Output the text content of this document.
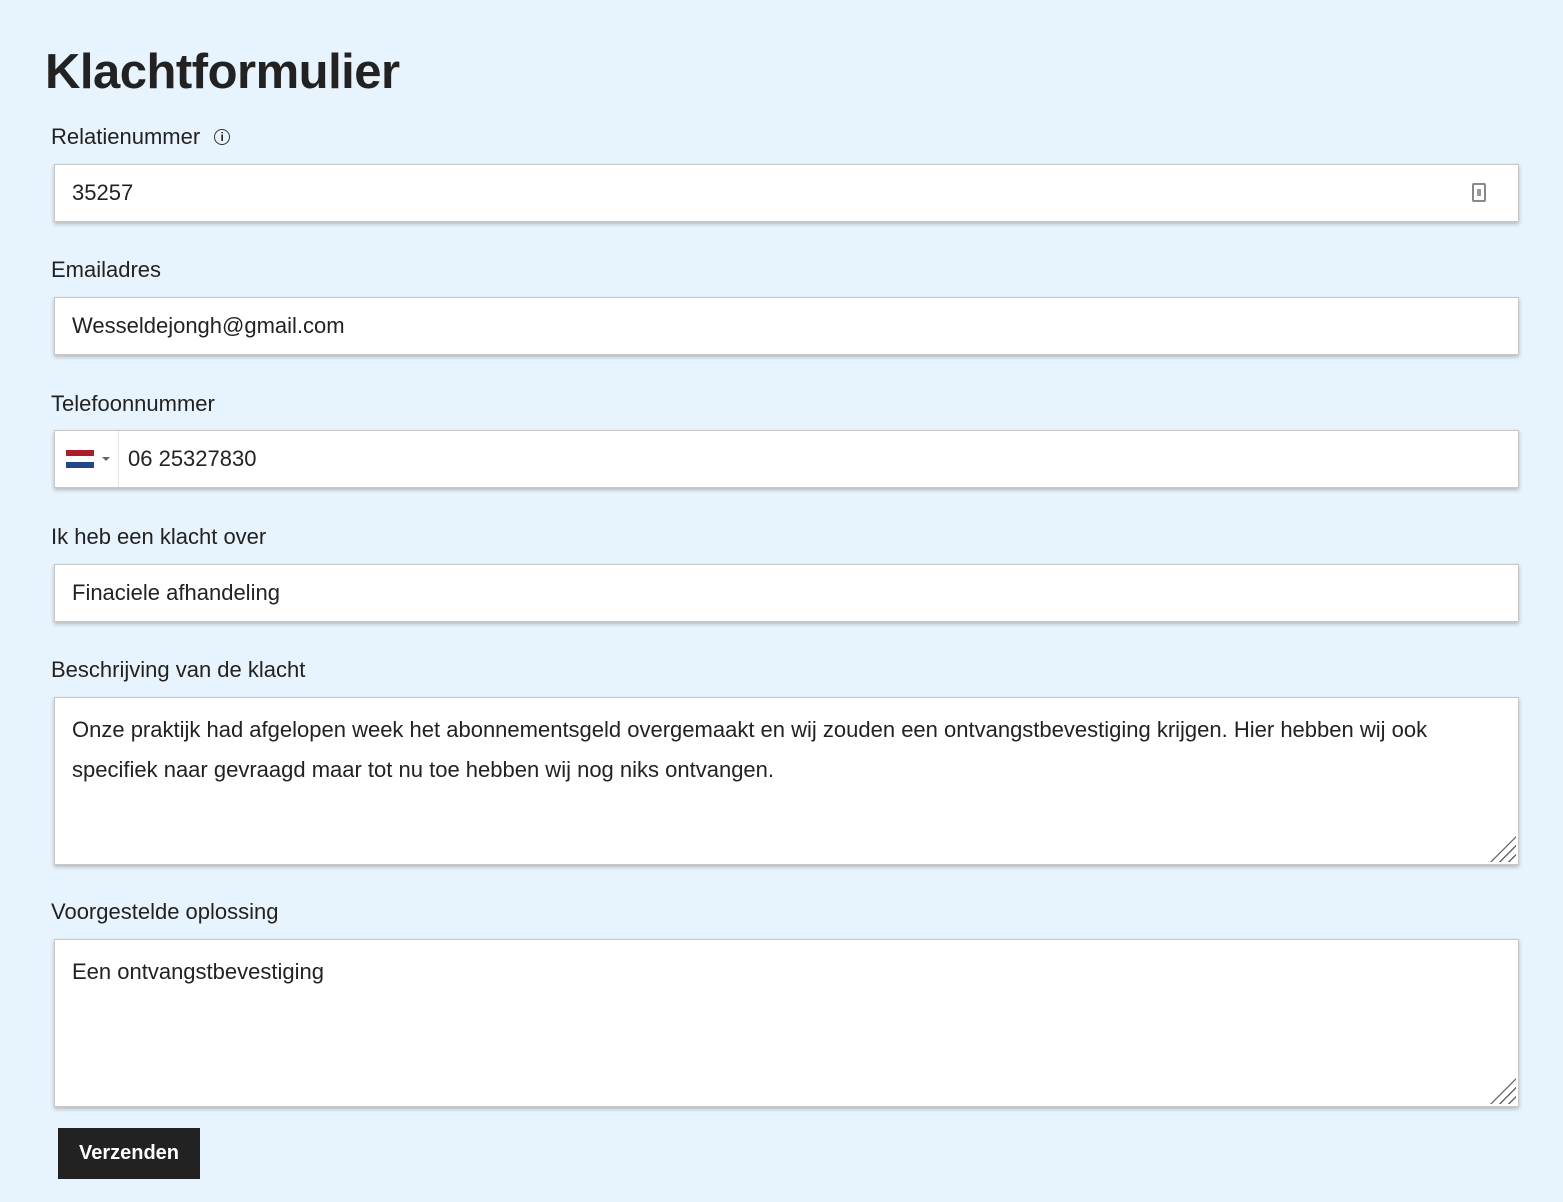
Klachtformulier
Relatienummer	i
35257
Emailadres
Wesseldejongh@gmail.com
Telefoonnummer
06 25327830
Ik heb een klacht over
Finaciele afhandeling
Beschrijving van de klacht
Onze praktijk had afgelopen week het abonnementsgeld overgemaakt en wij zouden een ontvangstbevestiging krijgen. Hier hebben wij ook specifiek naar gevraagd maar tot nu toe hebben wij nog niks ontvangen.
Voorgestelde oplossing
Een ontvangstbevestiging
Verzenden
